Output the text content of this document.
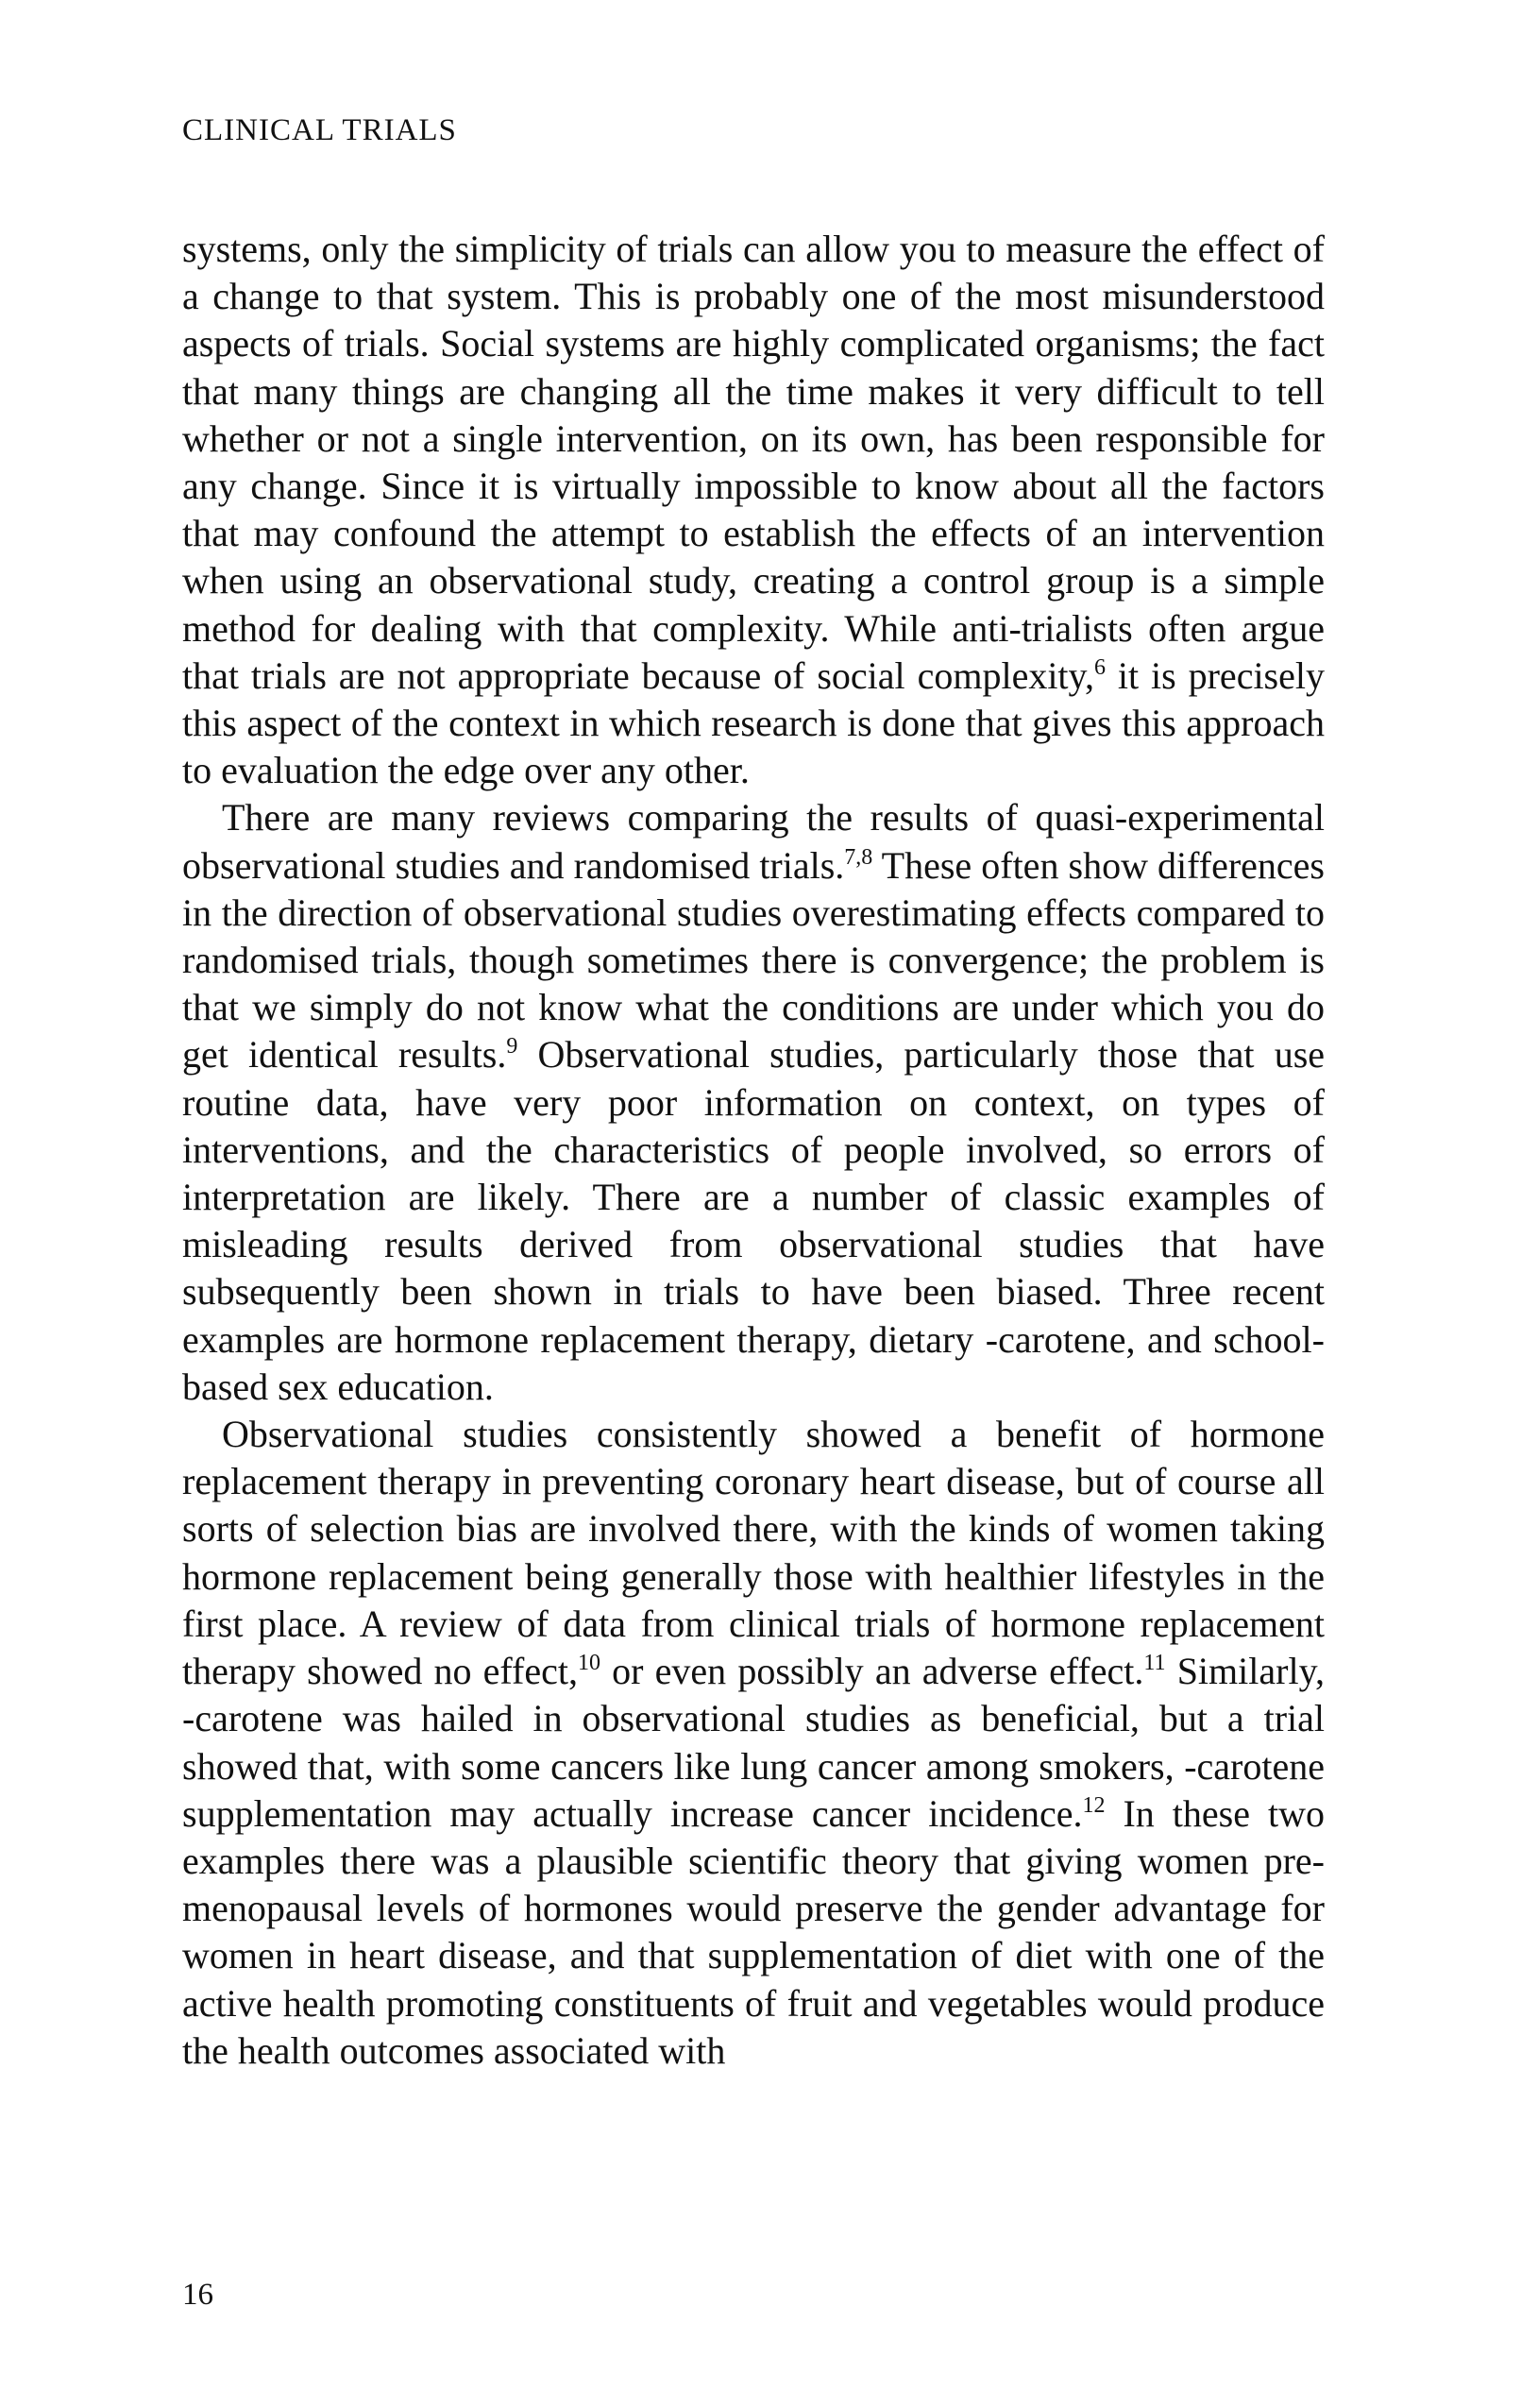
CLINICAL TRIALS

systems, only the simplicity of trials can allow you to measure the effect of a change to that system. This is probably one of the most misunderstood aspects of trials. Social systems are highly complicated organisms; the fact that many things are changing all the time makes it very difficult to tell whether or not a single intervention, on its own, has been responsible for any change. Since it is virtually impossible to know about all the factors that may confound the attempt to establish the effects of an intervention when using an observational study, creating a control group is a simple method for dealing with that complexity. While anti-trialists often argue that trials are not appropriate because of social complexity,$^6$ it is precisely this aspect of the context in which research is done that gives this approach to evaluation the edge over any other.

There are many reviews comparing the results of quasi-experimental observational studies and randomised trials.$^{7,8}$ These often show differences in the direction of observational studies overestimating effects compared to randomised trials, though sometimes there is convergence; the problem is that we simply do not know what the conditions are under which you do get identical results.$^9$ Observational studies, particularly those that use routine data, have very poor information on context, on types of interventions, and the characteristics of people involved, so errors of interpretation are likely. There are a number of classic examples of misleading results derived from observational studies that have subsequently been shown in trials to have been biased. Three recent examples are hormone replacement therapy, dietary -carotene, and school-based sex education.

Observational studies consistently showed a benefit of hormone replacement therapy in preventing coronary heart disease, but of course all sorts of selection bias are involved there, with the kinds of women taking hormone replacement being generally those with healthier lifestyles in the first place. A review of data from clinical trials of hormone replacement therapy showed no effect,$^{10}$ or even possibly an adverse effect.$^{11}$ Similarly, -carotene was hailed in observational studies as beneficial, but a trial showed that, with some cancers like lung cancer among smokers, -carotene supplementation may actually increase cancer incidence.$^{12}$ In these two examples there was a plausible scientific theory that giving women pre-menopausal levels of hormones would preserve the gender advantage for women in heart disease, and that supplementation of diet with one of the active health promoting constituents of fruit and vegetables would produce the health outcomes associated with

16
